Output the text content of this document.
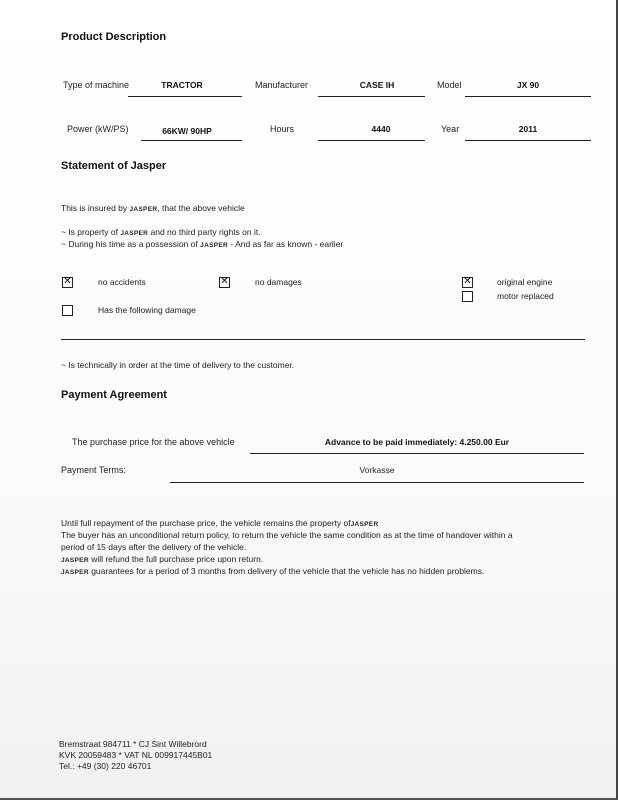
Product Description
Type of machine	TRACTOR	Manufacturer	CASE IH	Model	JX 90
Power (kW/PS)	66KW/ 90HP	Hours	4440	Year	2011
Statement of Jasper
This is insured by JASPER, that the above vehicle
~ Is property of JASPER and no third party rights on it.
~ During his time as a possession of JASPER - And as far as known - earlier
✕	no accidents	✕	no damages	✕	original engine
motor replaced
Has the following damage
~ Is technically in order at the time of delivery to the customer.
Payment Agreement
The purchase price for the above vehicle	Advance to be paid immediately: 4.250.00 Eur
Payment Terms:	Vorkasse
Until full repayment of the purchase price, the vehicle remains the property ofJASPER
The buyer has an unconditional return policy, to return the vehicle the same condition as at the time of handover within a
period of 15 days after the delivery of the vehicle.
JASPER will refund the full purchase price upon return.
JASPER guarantees for a period of 3 months from delivery of the vehicle that the vehicle has no hidden problems.
Bremstraat 984711 * CJ Sint Willebrord
KVK 20059483 * VAT NL 009917445B01
Tel.: +49 (30) 220 46701
